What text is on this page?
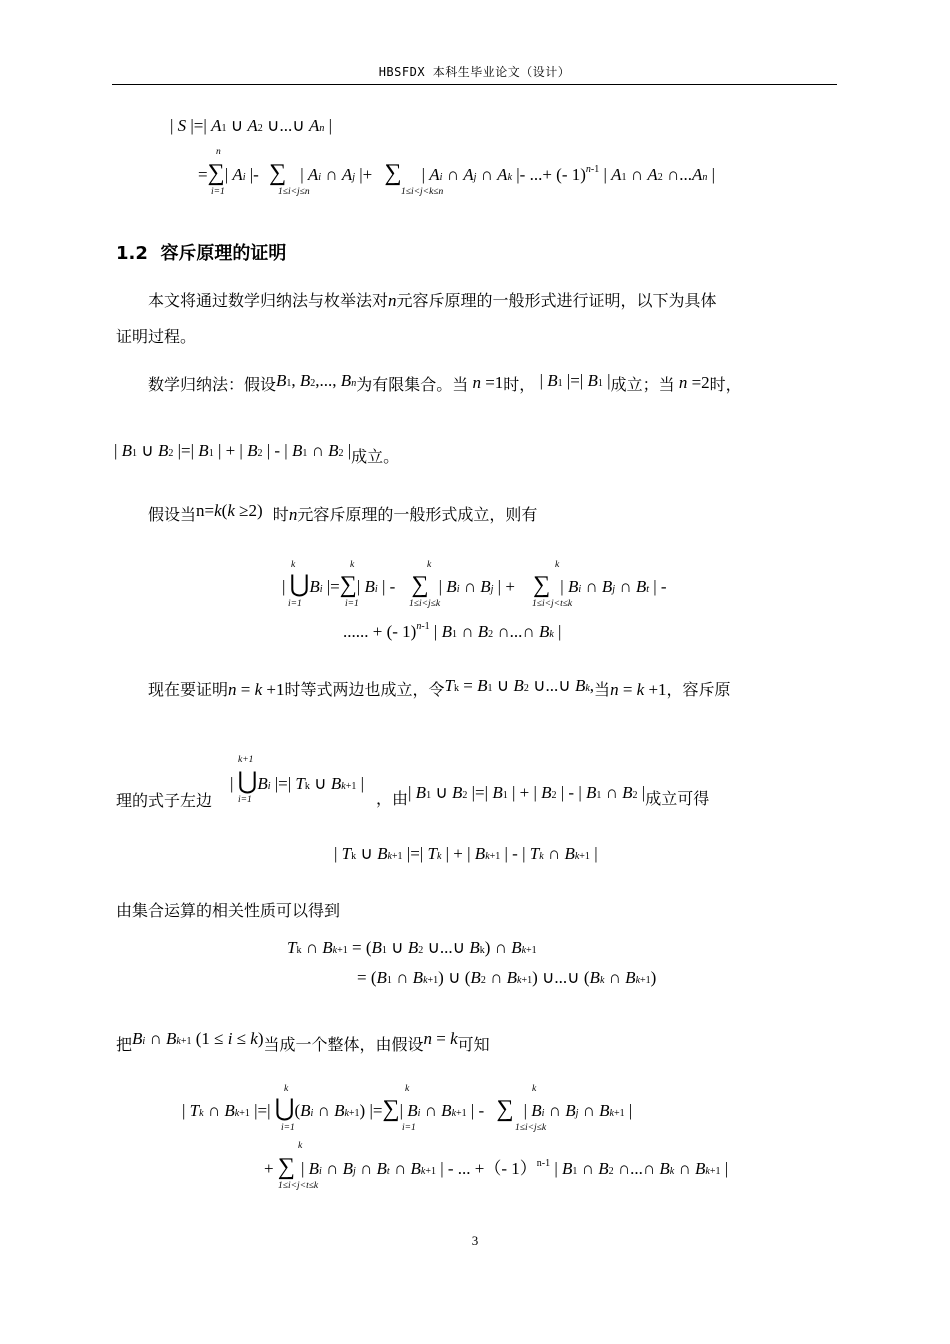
HBSFDX 本科生毕业论文（设计）
| S |=| A1 ∪ A2 ∪...∪ An |
n
=∑| Ai |- ∑ | Ai ∩ Aj |+ ∑ | Ai ∩ Aj ∩ Ak |- ...+ (- 1)$^{n-1}$ | A1 ∩ A2 ∩...An |
i=1	1≤i<j≤n	1≤i<j<k≤n
1.2 容斥原理的证明
本文将通过数学归纳法与枚举法对n元容斥原理的一般形式进行证明，以下为具体
证明过程。
数学归纳法：假设B1, B2,..., Bn为有限集合。当 n =1时， | B1 |=| B1 |成立；当 n =2时，
| B1 ∪ B2 |=| B1 | + | B2 | - | B1 ∩ B2 |成立。
假设当n=k(k ≥2) 时n元容斥原理的一般形式成立，则有
k	k	k	k
| ⋃Bi |=∑| Bi | - ∑ | Bi ∩ Bj | + ∑ | Bi ∩ Bj ∩ Bt | -
i=1	i=1	1≤i<j≤k	1≤i<j<t≤k
...... + (- 1)$^{n-1}$ | B1 ∩ B2 ∩...∩ Bk |
现在要证明n = k +1时等式两边也成立，令Tk = B1 ∪ B2 ∪...∪ Bk,当n = k +1，容斥原
k+1
| ⋃Bi |=| Tk ∪ Bk+1 |
i=1
理的式子左边	，由| B1 ∪ B2 |=| B1 | + | B2 | - | B1 ∩ B2 |成立可得
| Tk ∪ Bk+1 |=| Tk | + | Bk+1 | - | Tk ∩ Bk+1 |
由集合运算的相关性质可以得到
Tk ∩ Bk+1 = (B1 ∪ B2 ∪...∪ Bk) ∩ Bk+1
= (B1 ∩ Bk+1) ∪ (B2 ∩ Bk+1) ∪...∪ (Bk ∩ Bk+1)
把Bi ∩ Bk+1 (1 ≤ i ≤ k)当成一个整体，由假设n = k可知
k	k	k
| Tk ∩ Bk+1 |=| ⋃(Bi ∩ Bk+1) |=∑| Bi ∩ Bk+1 | - ∑ | Bi ∩ Bj ∩ Bk+1 |
i=1	i=1	1≤i<j≤k
k
+ ∑ | Bi ∩ Bj ∩ Bt ∩ Bk+1 | - ... +（- 1）$^{n-1}$ | B1 ∩ B2 ∩...∩ Bk ∩ Bk+1 |
1≤i<j<t≤k
3
